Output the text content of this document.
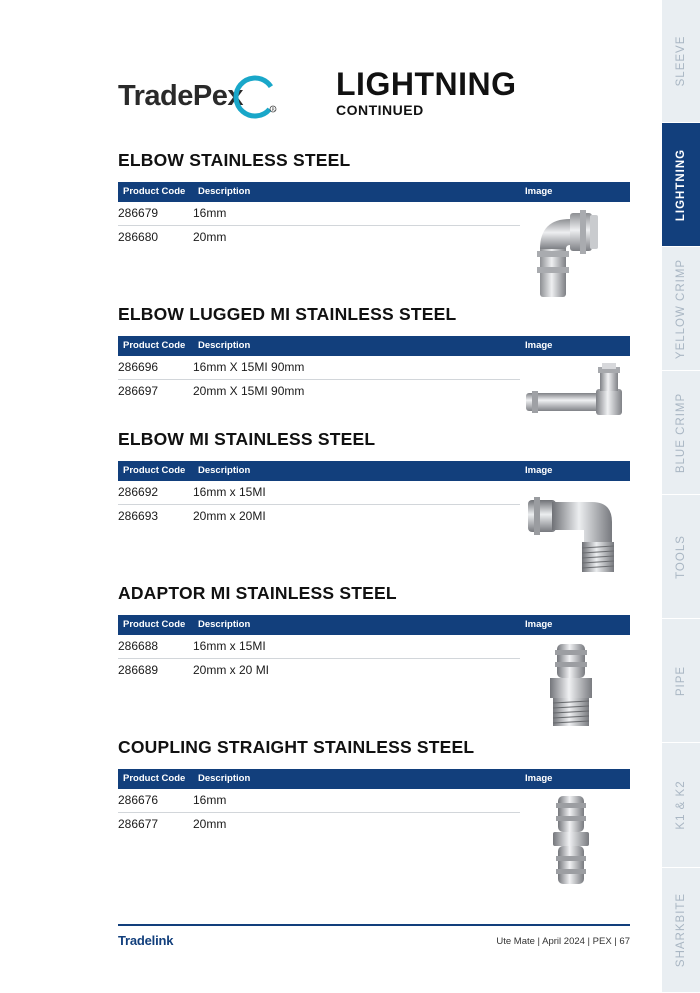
SLEEVE
LIGHTNING
YELLOW CRIMP
BLUE CRIMP
TOOLS
PIPE
K1 & K2
SHARKBITE
TradePex	R
LIGHTNING
CONTINUED
ELBOW STAINLESS STEEL
Product Code Description	Image
286679	16mm
286680	20mm
ELBOW LUGGED MI STAINLESS STEEL
Product Code Description	Image
286696	16mm X 15MI 90mm
286697	20mm X 15MI 90mm
ELBOW MI STAINLESS STEEL
Product Code Description	Image
286692	16mm x 15MI
286693	20mm x 20MI
ADAPTOR MI STAINLESS STEEL
Product Code Description	Image
286688	16mm x 15MI
286689	20mm x 20 MI
COUPLING STRAIGHT STAINLESS STEEL
Product Code Description	Image
286676	16mm
286677	20mm
Tradelink	Ute Mate | April 2024 | PEX | 67
